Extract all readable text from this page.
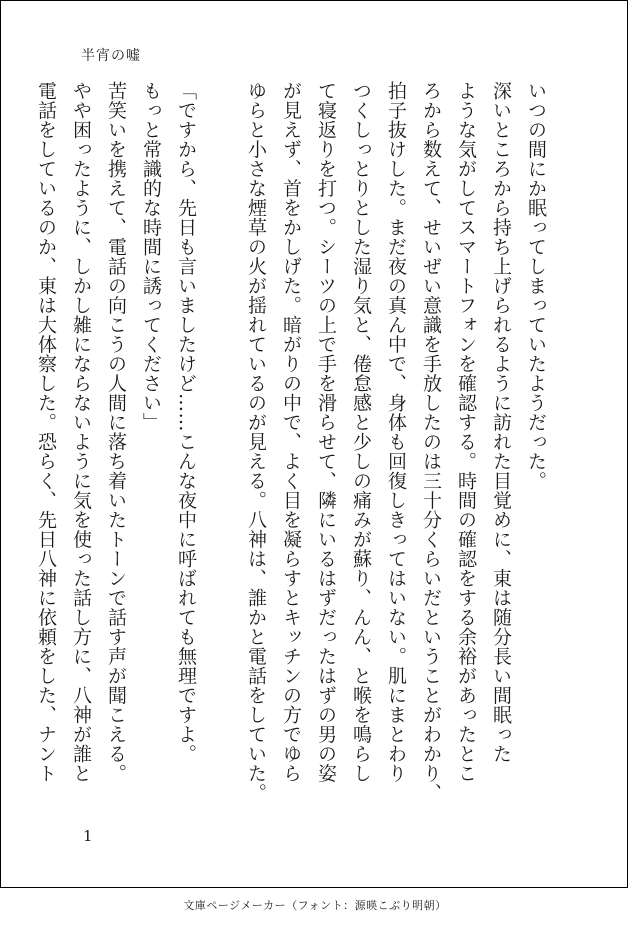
半宵の嘘

いつの間にか眠ってしまっていたようだった。

深いところから持ち上げられるように訪れた目覚めに、東は随分長い間眠った

ような気がしてスマートフォンを確認する。時間の確認をする余裕があったとこ

ろから数えて、せいぜい意識を手放したのは三十分くらいだということがわかり、

拍子抜けした。まだ夜の真ん中で、身体も回復しきってはいない。肌にまとわり

つくしっとりとした湿り気と、倦怠感と少しの痛みが蘇り、んん、と喉を鳴らし

て寝返りを打つ。シーツの上で手を滑らせて、隣にいるはずだったはずの男の姿

が見えず、首をかしげた。暗がりの中で、よく目を凝らすとキッチンの方でゆら

ゆらと小さな煙草の火が揺れているのが見える。八神は、誰かと電話をしていた。

「ですから、先日も言いましたけど……こんな夜中に呼ばれても無理ですよ。

もっと常識的な時間に誘ってください」

苦笑いを携えて、電話の向こうの人間に落ち着いたトーンで話す声が聞こえる。

やや困ったように、しかし雑にならないように気を使った話し方に、八神が誰と

電話をしているのか、東は大体察した。恐らく、先日八神に依頼をした、ナント

1
文庫ページメーカー（フォント：源暎こぶり明朝）
